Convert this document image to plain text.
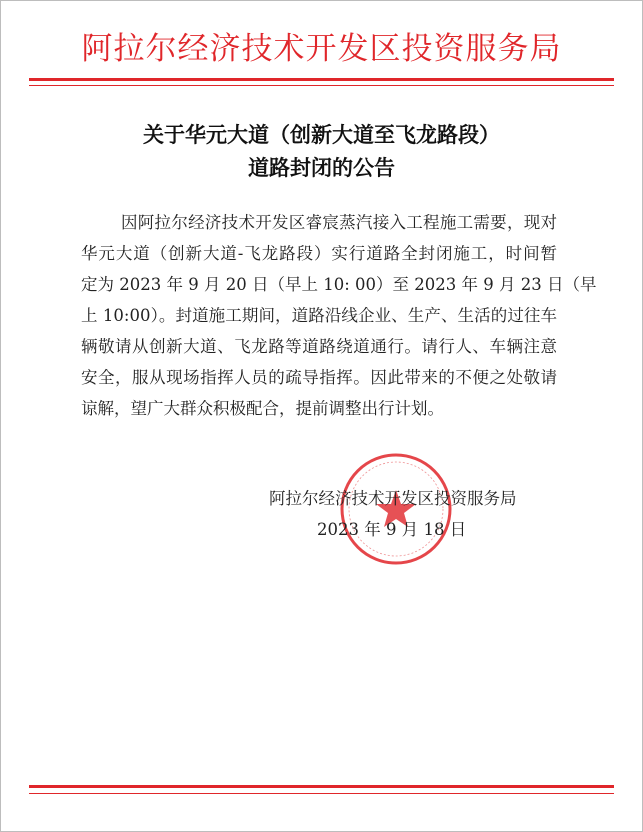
阿拉尔经济技术开发区投资服务局
关于华元大道（创新大道至飞龙路段）
道路封闭的公告
因阿拉尔经济技术开发区睿宸蒸汽接入工程施工需要，现对
华元大道（创新大道-飞龙路段）实行道路全封闭施工，时间暂
定为 2023 年 9 月 20 日（早上 10: 00）至 2023 年 9 月 23 日（早
上 10:00）。封道施工期间，道路沿线企业、生产、生活的过往车
辆敬请从创新大道、飞龙路等道路绕道通行。请行人、车辆注意
安全，服从现场指挥人员的疏导指挥。因此带来的不便之处敬请
谅解，望广大群众积极配合，提前调整出行计划。
阿拉尔经济技术开发区投资服务局
2023 年 9 月 18 日
